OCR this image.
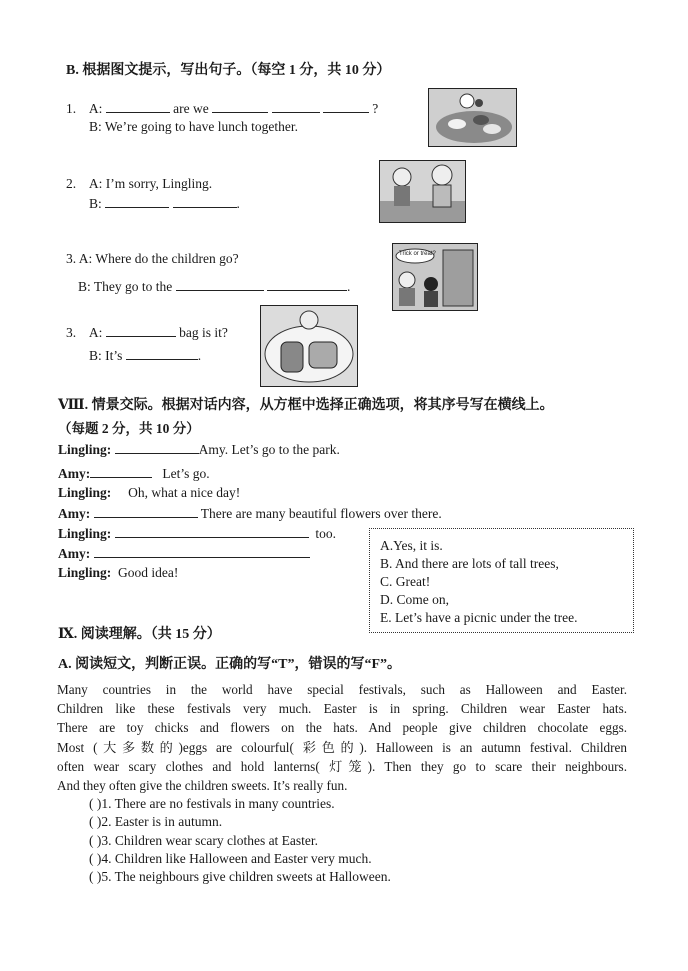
B. 根据图文提示，写出句子。（每空 1 分，共 10 分）
1. A:	are we	?
B: We’re going to have lunch together.
2. A: I’m sorry, Lingling.
B:	.
3. A: Where do the children go?
B: They go to the	.
Trick or treat?
3. A:	bag is it?
B: It’s	.
Ⅷ. 情景交际。根据对话内容，从方框中选择正确选项，将其序号写在横线上。
（每题 2 分，共 10 分）
Lingling:	Amy. Let’s go to the park.
Amy:	Let’s go.
Lingling: Oh, what a nice day!
Amy:	There are many beautiful flowers over there.
Lingling:	too.
Amy:
Lingling: Good idea!
A.Yes, it is.
B. And there are lots of tall trees,
C. Great!
D. Come on,
E. Let’s have a picnic under the tree.
Ⅸ. 阅读理解。（共 15 分）
A. 阅读短文，判断正误。正确的写“T”，错误的写“F”。
Many countries in the world have special festivals, such as Halloween and Easter.
Children like these festivals very much. Easter is in spring. Children wear Easter hats.
There are toy chicks and flowers on the hats. And people give children chocolate eggs.
Most (大多数的)eggs are colourful( 彩色的). Halloween is an autumn festival. Children
often wear scary clothes and hold lanterns( 灯笼). Then they go to scare their neighbours.
And they often give the children sweets. It’s really fun.
( )1. There are no festivals in many countries.
( )2. Easter is in autumn.
( )3. Children wear scary clothes at Easter.
( )4. Children like Halloween and Easter very much.
( )5. The neighbours give children sweets at Halloween.
